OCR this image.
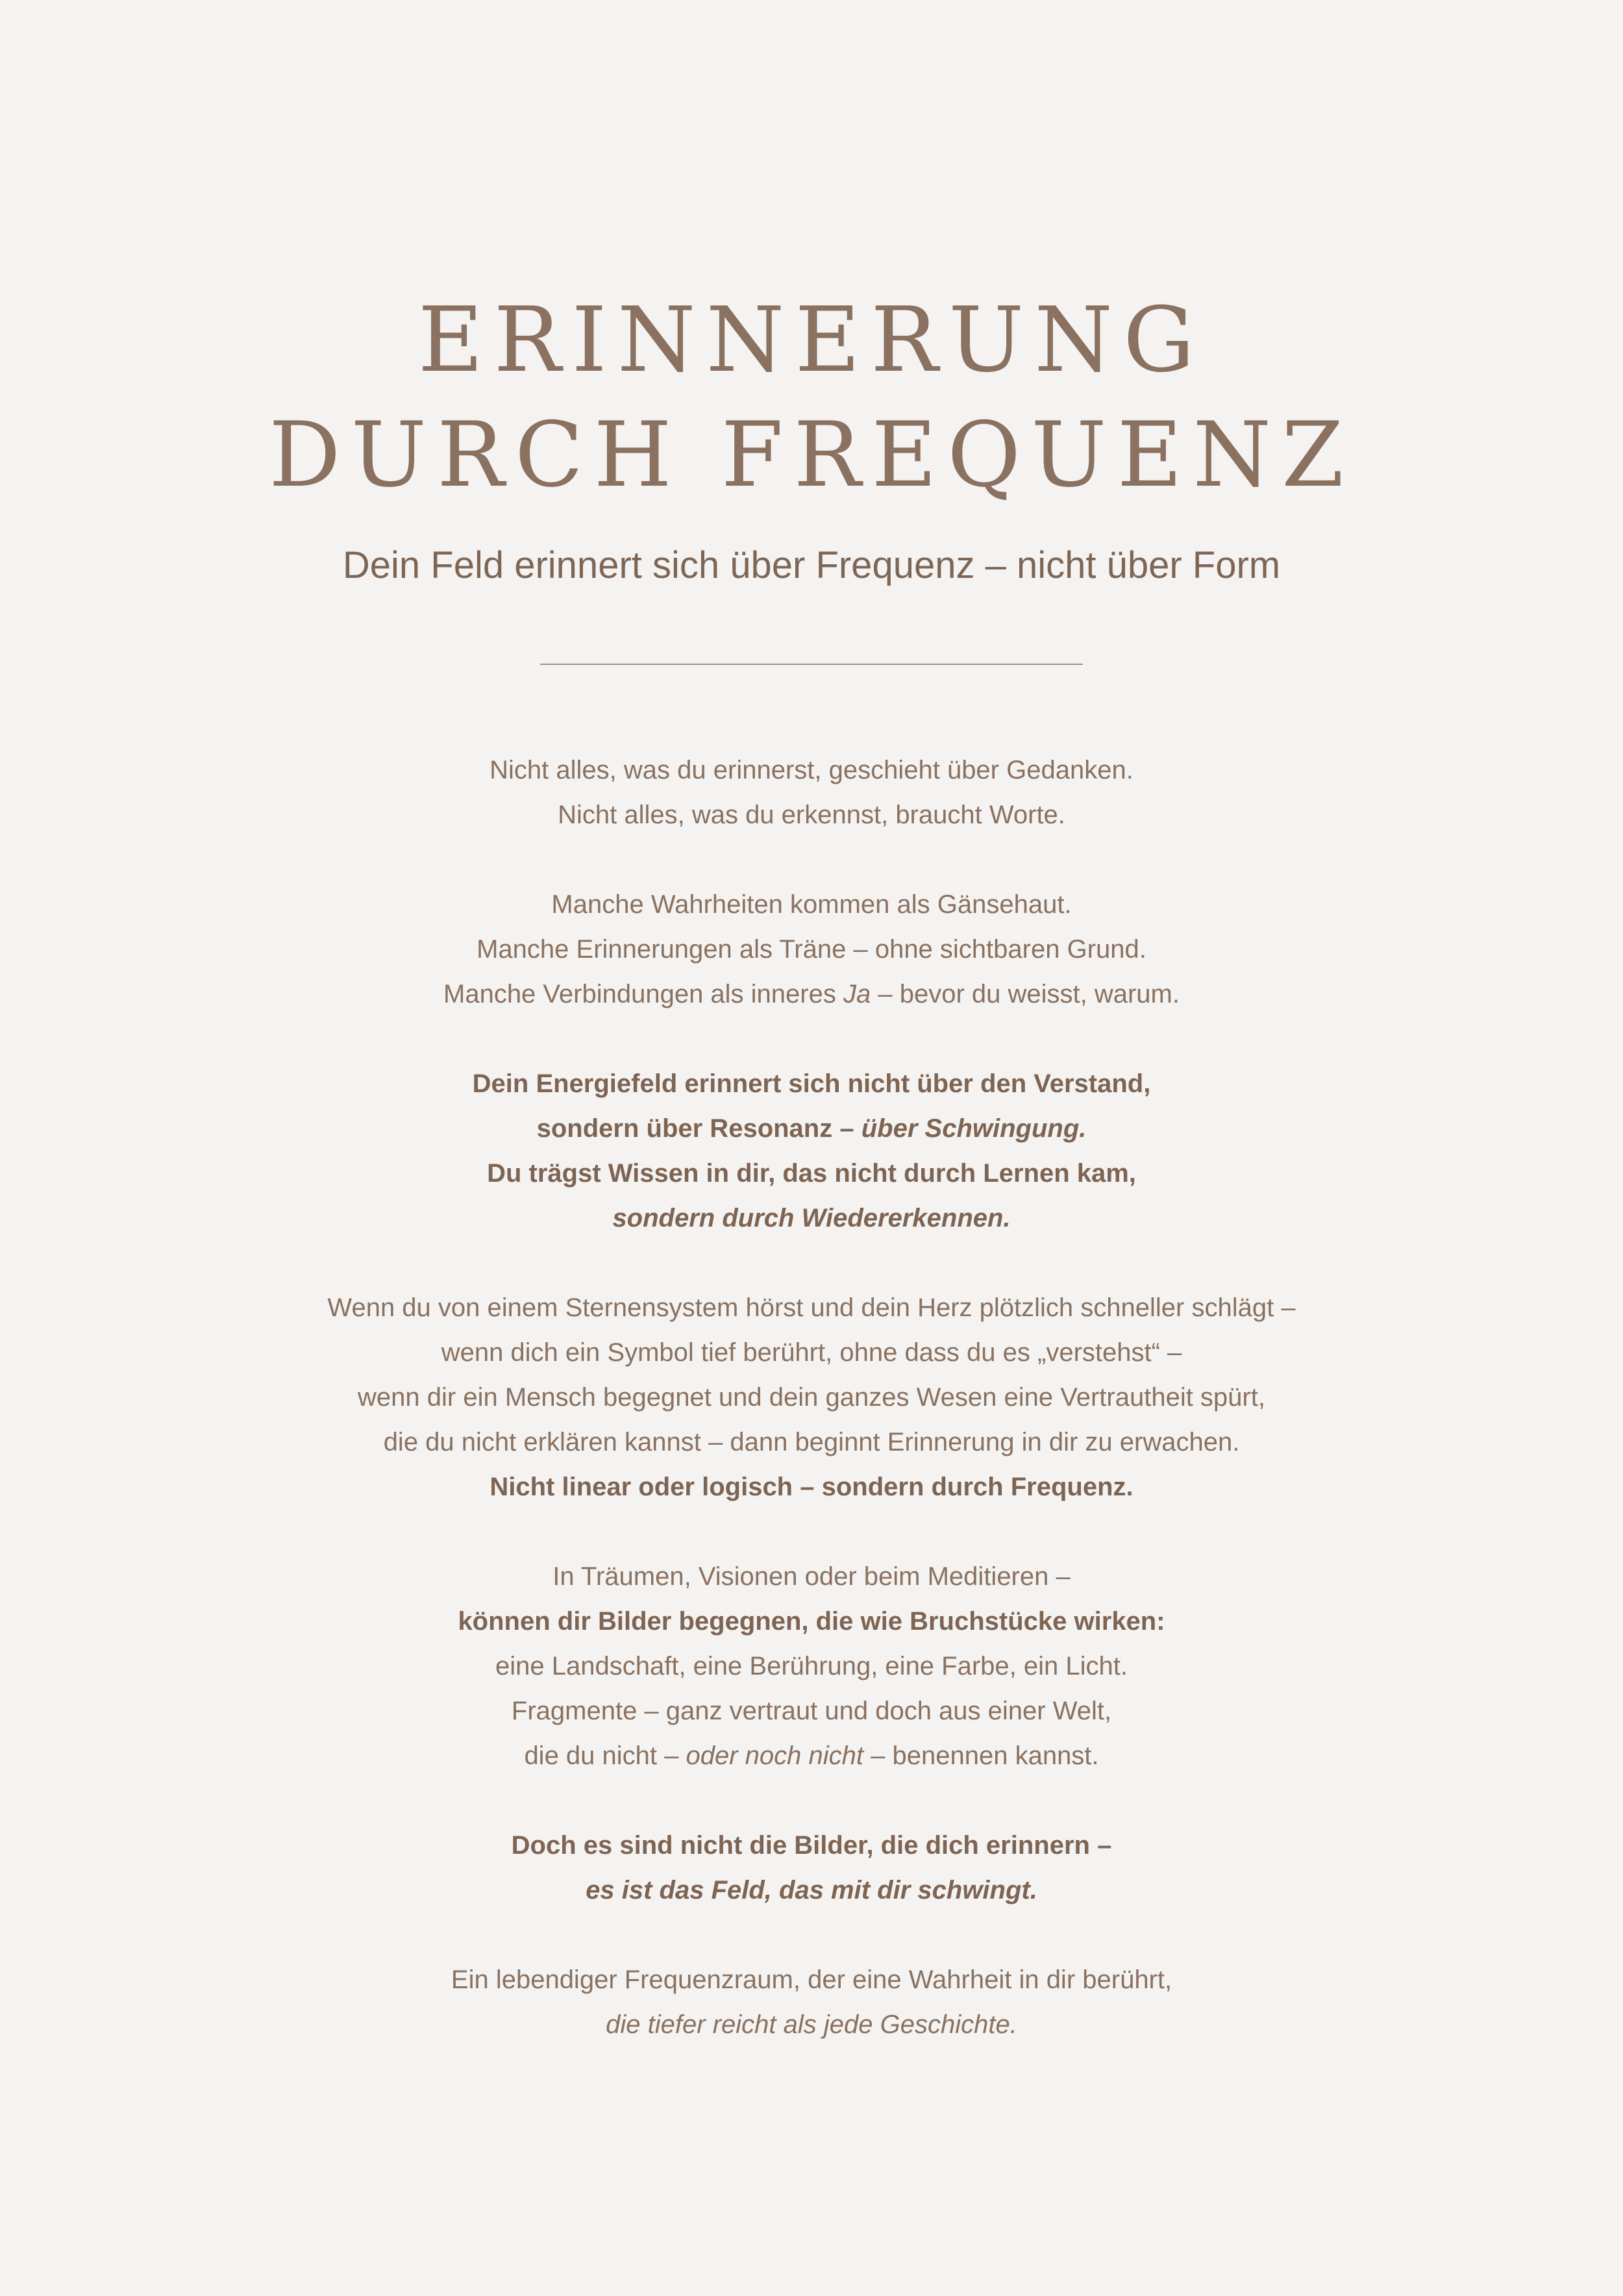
ERINNERUNG
DURCH FREQUENZ

Dein Feld erinnert sich über Frequenz – nicht über Form

Nicht alles, was du erinnerst, geschieht über Gedanken.
Nicht alles, was du erkennst, braucht Worte.
Manche Wahrheiten kommen als Gänsehaut.
Manche Erinnerungen als Träne – ohne sichtbaren Grund.
Manche Verbindungen als inneres Ja – bevor du weisst, warum.
Dein Energiefeld erinnert sich nicht über den Verstand,
sondern über Resonanz – über Schwingung.
Du trägst Wissen in dir, das nicht durch Lernen kam,
sondern durch Wiedererkennen.
Wenn du von einem Sternensystem hörst und dein Herz plötzlich schneller schlägt –
wenn dich ein Symbol tief berührt, ohne dass du es „verstehst“ –
wenn dir ein Mensch begegnet und dein ganzes Wesen eine Vertrautheit spürt,
die du nicht erklären kannst – dann beginnt Erinnerung in dir zu erwachen.
Nicht linear oder logisch – sondern durch Frequenz.
In Träumen, Visionen oder beim Meditieren –
können dir Bilder begegnen, die wie Bruchstücke wirken:
eine Landschaft, eine Berührung, eine Farbe, ein Licht.
Fragmente – ganz vertraut und doch aus einer Welt,
die du nicht – oder noch nicht – benennen kannst.
Doch es sind nicht die Bilder, die dich erinnern –
es ist das Feld, das mit dir schwingt.
Ein lebendiger Frequenzraum, der eine Wahrheit in dir berührt,
die tiefer reicht als jede Geschichte.
